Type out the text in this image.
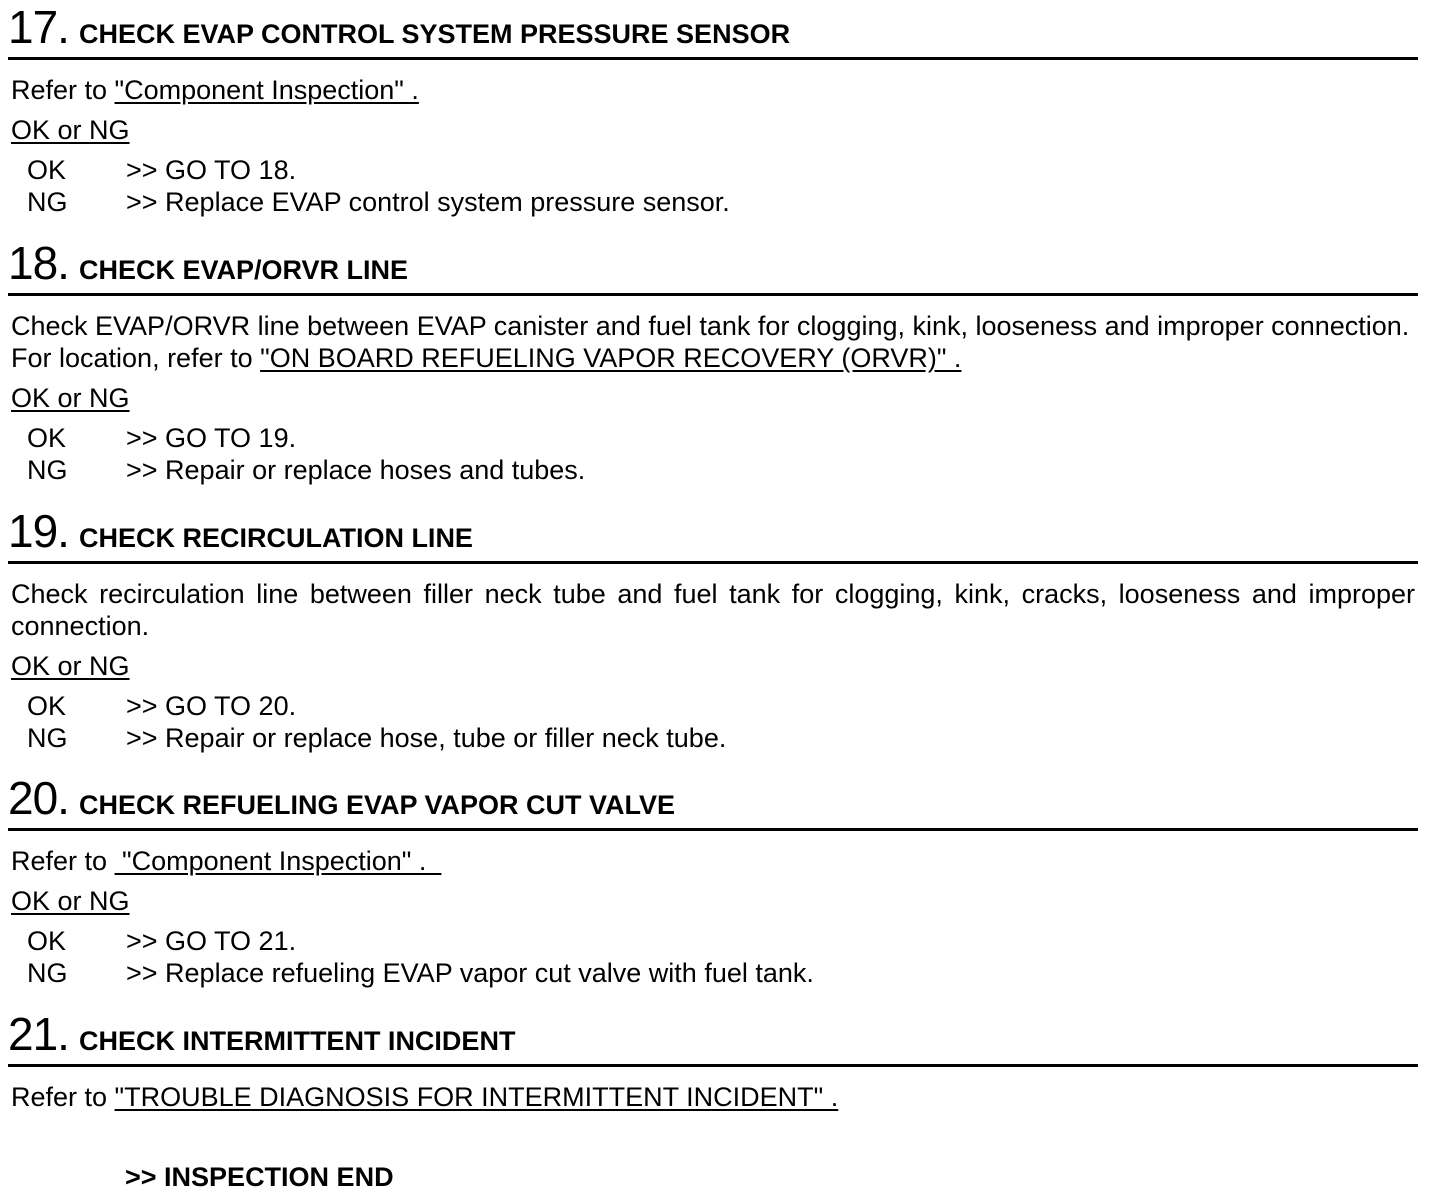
17. CHECK EVAP CONTROL SYSTEM PRESSURE SENSOR
Refer to "Component Inspection" .
OK or NG
OK >> GO TO 18.
NG >> Replace EVAP control system pressure sensor.
18. CHECK EVAP/ORVR LINE
Check EVAP/ORVR line between EVAP canister and fuel tank for clogging, kink, looseness and improper connection. For location, refer to "ON BOARD REFUELING VAPOR RECOVERY (ORVR)" .
OK or NG
OK >> GO TO 19.
NG >> Repair or replace hoses and tubes.
19. CHECK RECIRCULATION LINE
Check recirculation line between filler neck tube and fuel tank for clogging, kink, cracks, looseness and improper connection.
OK or NG
OK >> GO TO 20.
NG >> Repair or replace hose, tube or filler neck tube.
20. CHECK REFUELING EVAP VAPOR CUT VALVE
Refer to  "Component Inspection" .
OK or NG
OK >> GO TO 21.
NG >> Replace refueling EVAP vapor cut valve with fuel tank.
21. CHECK INTERMITTENT INCIDENT
Refer to "TROUBLE DIAGNOSIS FOR INTERMITTENT INCIDENT" .
>> INSPECTION END
